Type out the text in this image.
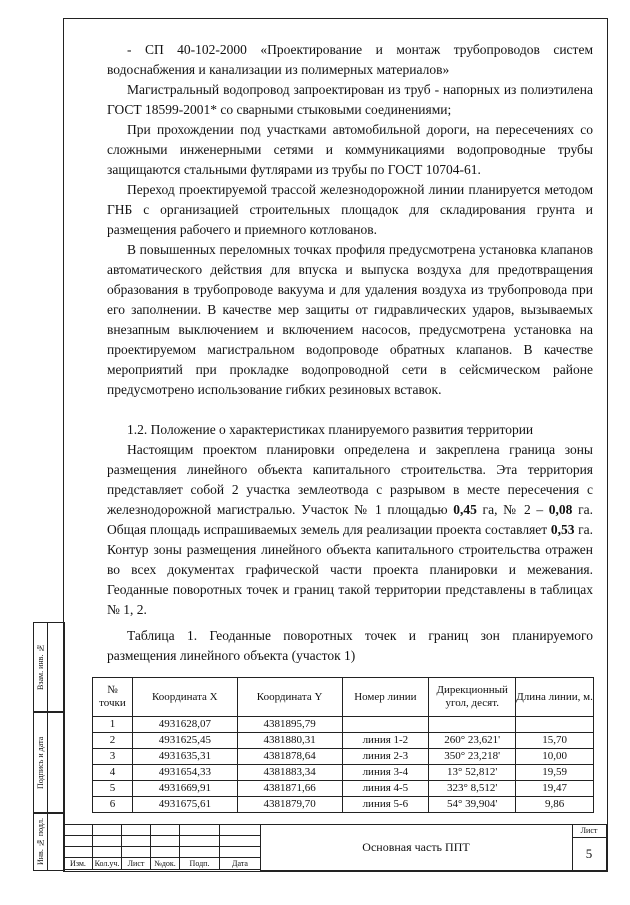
Взам. инв. №
Подпись и дата
Инв. № подл.

- СП 40-102-2000 «Проектирование и монтаж трубопроводов систем водоснабжения и канализации из полимерных материалов»

Магистральный водопровод запроектирован из труб - напорных из полиэтилена ГОСТ 18599-2001* со сварными стыковыми соединениями;

При прохождении под участками автомобильной дороги, на пересечениях со сложными инженерными сетями и коммуникациями водопроводные трубы защищаются стальными футлярами из трубы по ГОСТ 10704-61.

Переход проектируемой трассой железнодорожной линии планируется методом ГНБ с организацией строительных площадок для складирования грунта и размещения рабочего и приемного котлованов.

В повышенных переломных точках профиля предусмотрена установка клапанов автоматического действия для впуска и выпуска воздуха для предотвращения образования в трубопроводе вакуума и для удаления воздуха из трубопровода при его заполнении. В качестве мер защиты от гидравлических ударов, вызываемых внезапным выключением и включением насосов, предусмотрена установка на проектируемом магистральном водопроводе обратных клапанов. В качестве мероприятий при прокладке водопроводной сети в сейсмическом районе предусмотрено использование гибких резиновых вставок.

1.2. Положение о характеристиках планируемого развития территории

Настоящим проектом планировки определена и закреплена граница зоны размещения линейного объекта капитального строительства. Эта территория представляет собой 2 участка землеотвода с разрывом в месте пересечения с железнодорожной магистралью. Участок № 1 площадью 0,45 га, № 2 – 0,08 га. Общая площадь испрашиваемых земель для реализации проекта составляет 0,53 га. Контур зоны размещения линейного объекта капитального строительства отражен во всех документах графической части проекта планировки и межевания. Геоданные поворотных точек и границ такой территории представлены в таблицах № 1, 2.

Таблица 1. Геоданные поворотных точек и границ зон планируемого размещения линейного объекта (участок 1)

№ точки	Координата X	Координата Y	Номер линии	Дирекционный угол, десят.	Длина линии, м.
1	4931628,07	4381895,79			
2	4931625,45	4381880,31	линия 1-2	260° 23,621'	15,70
3	4931635,31	4381878,64	линия 2-3	350° 23,218'	10,00
4	4931654,33	4381883,34	линия 3-4	13° 52,812'	19,59
5	4931669,91	4381871,66	линия 4-5	323° 8,512'	19,47
6	4931675,61	4381879,70	линия 5-6	54° 39,904'	9,86

Изм.	Кол.уч.	Лист	№док.	Подп.	Дата
Основная часть ППТ
Лист
5
